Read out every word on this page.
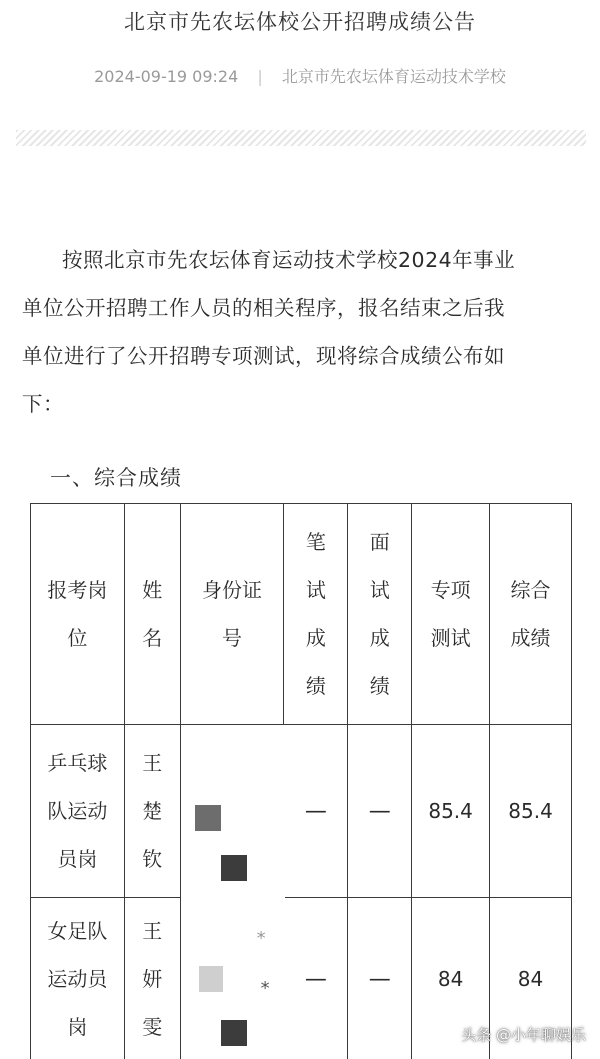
北京市先农坛体校公开招聘成绩公告
2024-09-19 09:24 | 北京市先农坛体育运动技术学校
按照北京市先农坛体育运动技术学校2024年事业
单位公开招聘工作人员的相关程序，报名结束之后我
单位进行了公开招聘专项测试，现将综合成绩公布如
下：
一、综合成绩
报考岗
位	姓
名	身份证
号	笔
试
成
绩	面
试
成
绩	专项
测试	综合
成绩

乒乓球
队运动
员岗	王
楚
钦		—	—	85.4	85.4

女足队
运动员
岗	王
妍
雯	*
*	—	—	84	84
头条 @小年聊娱乐
